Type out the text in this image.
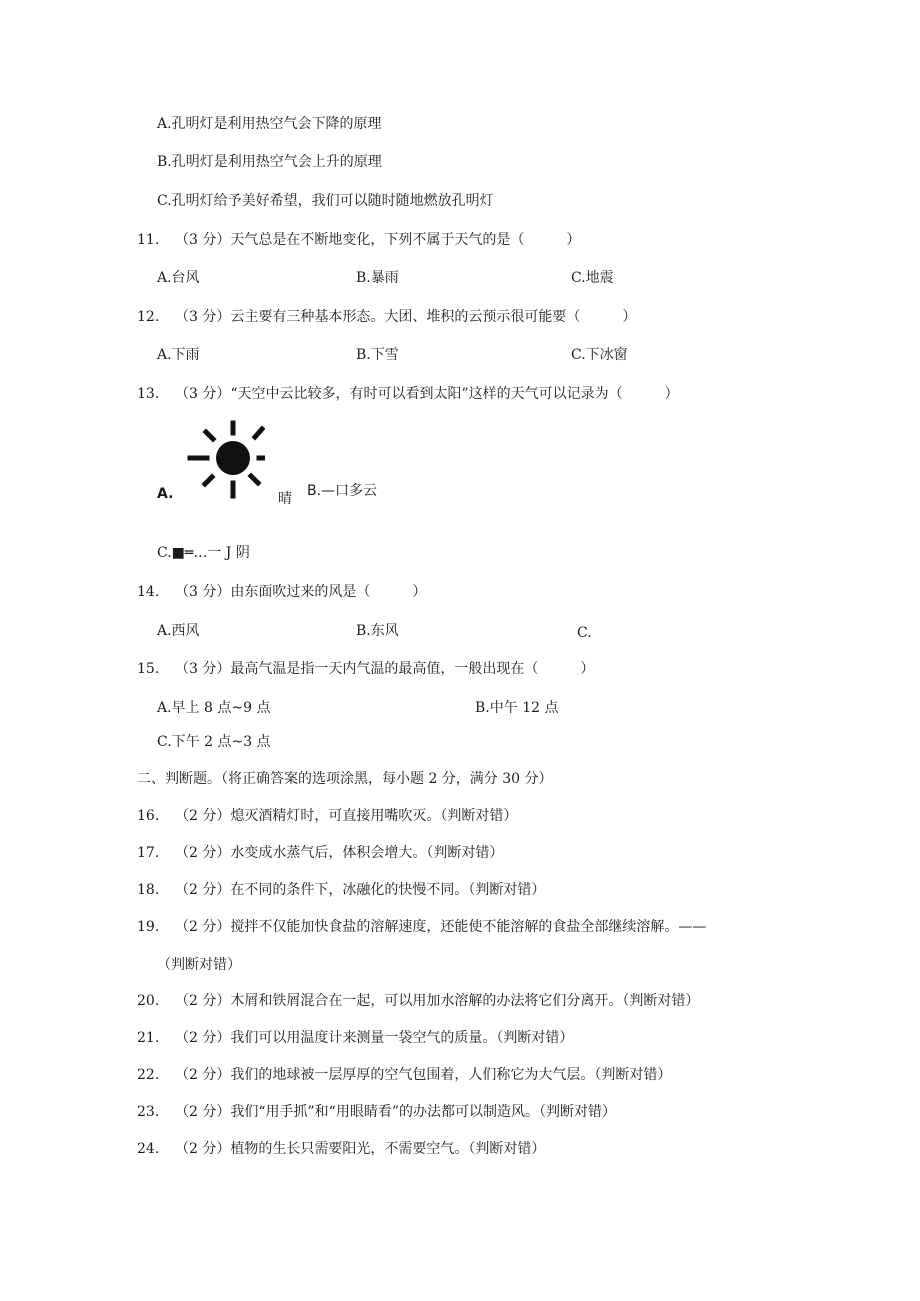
A.孔明灯是利用热空气会下降的原理
B.孔明灯是利用热空气会上升的原理
C.孔明灯给予美好希望，我们可以随时随地燃放孔明灯
11. （3 分）天气总是在不断地变化，下列不属于天气的是（　　　）
A.台风	B.暴雨	C.地震
12. （3 分）云主要有三种基本形态。大团、堆积的云预示很可能要（　　　）
A.下雨	B.下雪	C.下冰窗
13. （3 分）“天空中云比较多，有时可以看到太阳”这样的天气可以记录为（　　　）
A.	晴 B.—口多云
C.■═…一 J 阴
14. （3 分）由东面吹过来的风是（　　　）
A.西风	B.东风	C.
15. （3 分）最高气温是指一天内气温的最高值，一般出现在（　　　）
A.早上 8 点~9 点	B.中午 12 点
C.下午 2 点~3 点
二、判断题。（将正确答案的选项涂黑，每小题 2 分，满分 30 分）
16. （2 分）熄灭酒精灯时，可直接用嘴吹灭。（判断对错）
17. （2 分）水变成水蒸气后，体积会增大。（判断对错）
18. （2 分）在不同的条件下，冰融化的快慢不同。（判断对错）
19. （2 分）搅拌不仅能加快食盐的溶解速度，还能使不能溶解的食盐全部继续溶解。——
（判断对错）
20. （2 分）木屑和铁屑混合在一起，可以用加水溶解的办法将它们分离开。（判断对错）
21. （2 分）我们可以用温度计来测量一袋空气的质量。（判断对错）
22. （2 分）我们的地球被一层厚厚的空气包围着，人们称它为大气层。（判断对错）
23. （2 分）我们“用手抓”和“用眼睛看”的办法都可以制造风。（判断对错）
24. （2 分）植物的生长只需要阳光，不需要空气。（判断对错）
